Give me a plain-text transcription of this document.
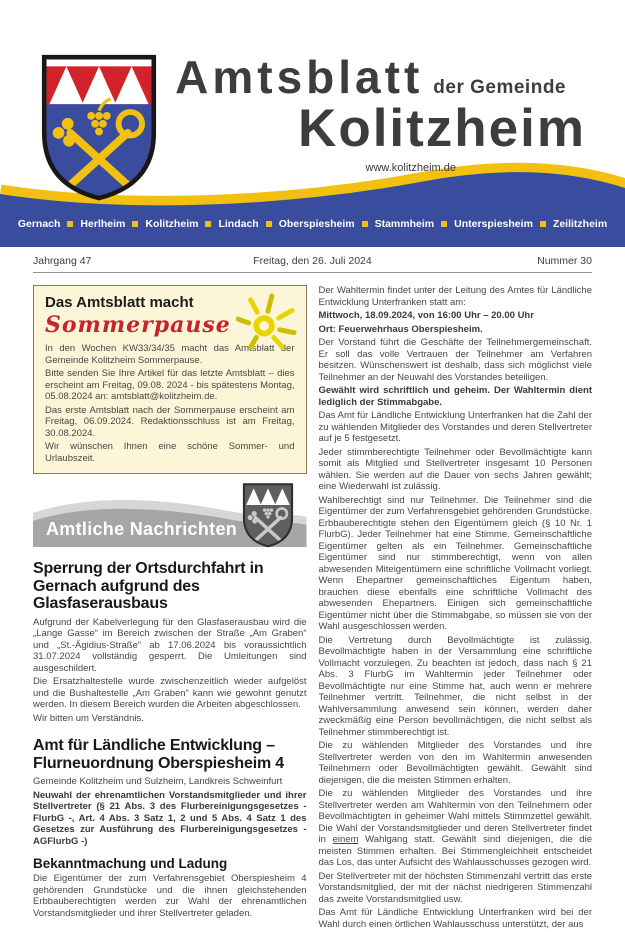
Amtsblatt der Gemeinde
Kolitzheim
www.kolitzheim.de
Gernach Herlheim Kolitzheim Lindach Oberspiesheim Stammheim Unterspiesheim Zeilitzheim
Jahrgang 47	Freitag, den 26. Juli 2024	Nummer 30

Das Amtsblatt macht

Sommerpause

In den Wochen KW33/34/35 macht das Amtsblatt der Gemeinde Kolitzheim Sommerpause.

Bitte senden Sie Ihre Artikel für das letzte Amtsblatt – dies erscheint am Freitag, 09.08. 2024 - bis spätestens Montag, 05.08.2024 an: amtsblatt@kolitzheim.de.

Das erste Amtsblatt nach der Sommerpause erscheint am Freitag, 06.09.2024. Redaktionsschluss ist am Freitag, 30.08.2024.

Wir wünschen Ihnen eine schöne Sommer- und Urlaubszeit.

Amtliche Nachrichten
Sperrung der Ortsdurchfahrt in Gernach aufgrund des Glasfaserausbaus

Aufgrund der Kabelverlegung für den Glasfaserausbau wird die „Lange Gasse“ im Bereich zwischen der Straße „Am Graben“ und „St.-Ägidius-Straße“ ab 17.06.2024 bis voraussichtlich 31.07.2024 vollständig gesperrt. Die Umleitungen sind ausgeschildert.

Die Ersatzhaltestelle wurde zwischenzeitlich wieder aufgelöst und die Bushaltestelle „Am Graben“ kann wie gewohnt genutzt werden. In diesem Bereich wurden die Arbeiten abgeschlossen.

Wir bitten um Verständnis.

Amt für Ländliche Entwicklung – Flurneuordnung Oberspiesheim 4

Gemeinde Kolitzheim und Sulzheim, Landkreis Schweinfurt

Neuwahl der ehrenamtlichen Vorstandsmitglieder und ihrer Stellvertreter (§ 21 Abs. 3 des Flurbereinigungsgesetzes - FlurbG -, Art. 4 Abs. 3 Satz 1, 2 und 5 Abs. 4 Satz 1 des Gesetzes zur Ausführung des Flurbereinigungsgesetzes - AGFlurbG -)

Bekanntmachung und Ladung

Die Eigentümer der zum Verfahrensgebiet Oberspiesheim 4 gehörenden Grundstücke und die ihnen gleichstehenden Erbbauberechtigten werden zur Wahl der ehrenamtlichen Vorstandsmitglieder und ihrer Stellvertreter geladen.

Der Wahltermin findet unter der Leitung des Amtes für Ländliche Entwicklung Unterfranken statt am:

Mittwoch, 18.09.2024, von 16:00 Uhr – 20.00 Uhr

Ort: Feuerwehrhaus Oberspiesheim.

Der Vorstand führt die Geschäfte der Teilnehmergemeinschaft. Er soll das volle Vertrauen der Teilnehmer am Verfahren besitzen. Wünschenswert ist deshalb, dass sich möglichst viele Teilnehmer an der Neuwahl des Vorstandes beteiligen.

Gewählt wird schriftlich und geheim. Der Wahltermin dient lediglich der Stimmabgabe.

Das Amt für Ländliche Entwicklung Unterfranken hat die Zahl der zu wählenden Mitglieder des Vorstandes und deren Stellvertreter auf je 5 festgesetzt.

Jeder stimmberechtigte Teilnehmer oder Bevollmächtigte kann somit als Mitglied und Stellvertreter insgesamt 10 Personen wählen. Sie werden auf die Dauer von sechs Jahren gewählt; eine Wiederwahl ist zulässig.

Wahlberechtigt sind nur Teilnehmer. Die Teilnehmer sind die Eigentümer der zum Verfahrensgebiet gehörenden Grundstücke. Erbbauberechtigte stehen den Eigentümern gleich (§ 10 Nr. 1 FlurbG). Jeder Teilnehmer hat eine Stimme. Gemeinschaftliche Eigentümer gelten als ein Teilnehmer. Gemeinschaftliche Eigentümer sind nur stimmberechtigt, wenn von allen abwesenden Miteigentümern eine schriftliche Vollmacht vorliegt. Wenn Ehepartner gemeinschaftliches Eigentum haben, brauchen diese ebenfalls eine schriftliche Vollmacht des abwesenden Ehepartners. Einigen sich gemeinschaftliche Eigentümer nicht über die Stimmabgabe, so müssen sie von der Wahl ausgeschlossen werden.

Die Vertretung durch Bevollmächtigte ist zulässig. Bevollmächtigte haben in der Versammlung eine schriftliche Vollmacht vorzulegen. Zu beachten ist jedoch, dass nach § 21 Abs. 3 FlurbG im Wahltermin jeder Teilnehmer oder Bevollmächtigte nur eine Stimme hat, auch wenn er mehrere Teilnehmer vertritt. Teilnehmer, die nicht selbst in der Wahlversammlung anwesend sein können, werden daher zweckmäßig eine Person bevollmächtigen, die nicht selbst als Teilnehmer stimmberechtigt ist.

Die zu wählenden Mitglieder des Vorstandes und ihre Stellvertreter werden von den im Wahltermin anwesenden Teilnehmern oder Bevollmächtigten gewählt. Gewählt sind diejenigen, die die meisten Stimmen erhalten.

Die zu wählenden Mitglieder des Vorstandes und ihre Stellvertreter werden am Wahltermin von den Teilnehmern oder Bevollmächtigten in geheimer Wahl mittels Stimmzettel gewählt. Die Wahl der Vorstandsmitglieder und deren Stellvertreter findet in einem Wahlgang statt. Gewählt sind diejenigen, die die meisten Stimmen erhalten. Bei Stimmengleichheit entscheidet das Los, das unter Aufsicht des Wahlausschusses gezogen wird.

Der Stellvertreter mit der höchsten Stimmenzahl vertritt das erste Vorstandsmitglied, der mit der nächst niedrigeren Stimmenzahl das zweite Vorstandsmitglied usw.

Das Amt für Ländliche Entwicklung Unterfranken wird bei der Wahl durch einen örtlichen Wahlausschuss unterstützt, der aus
